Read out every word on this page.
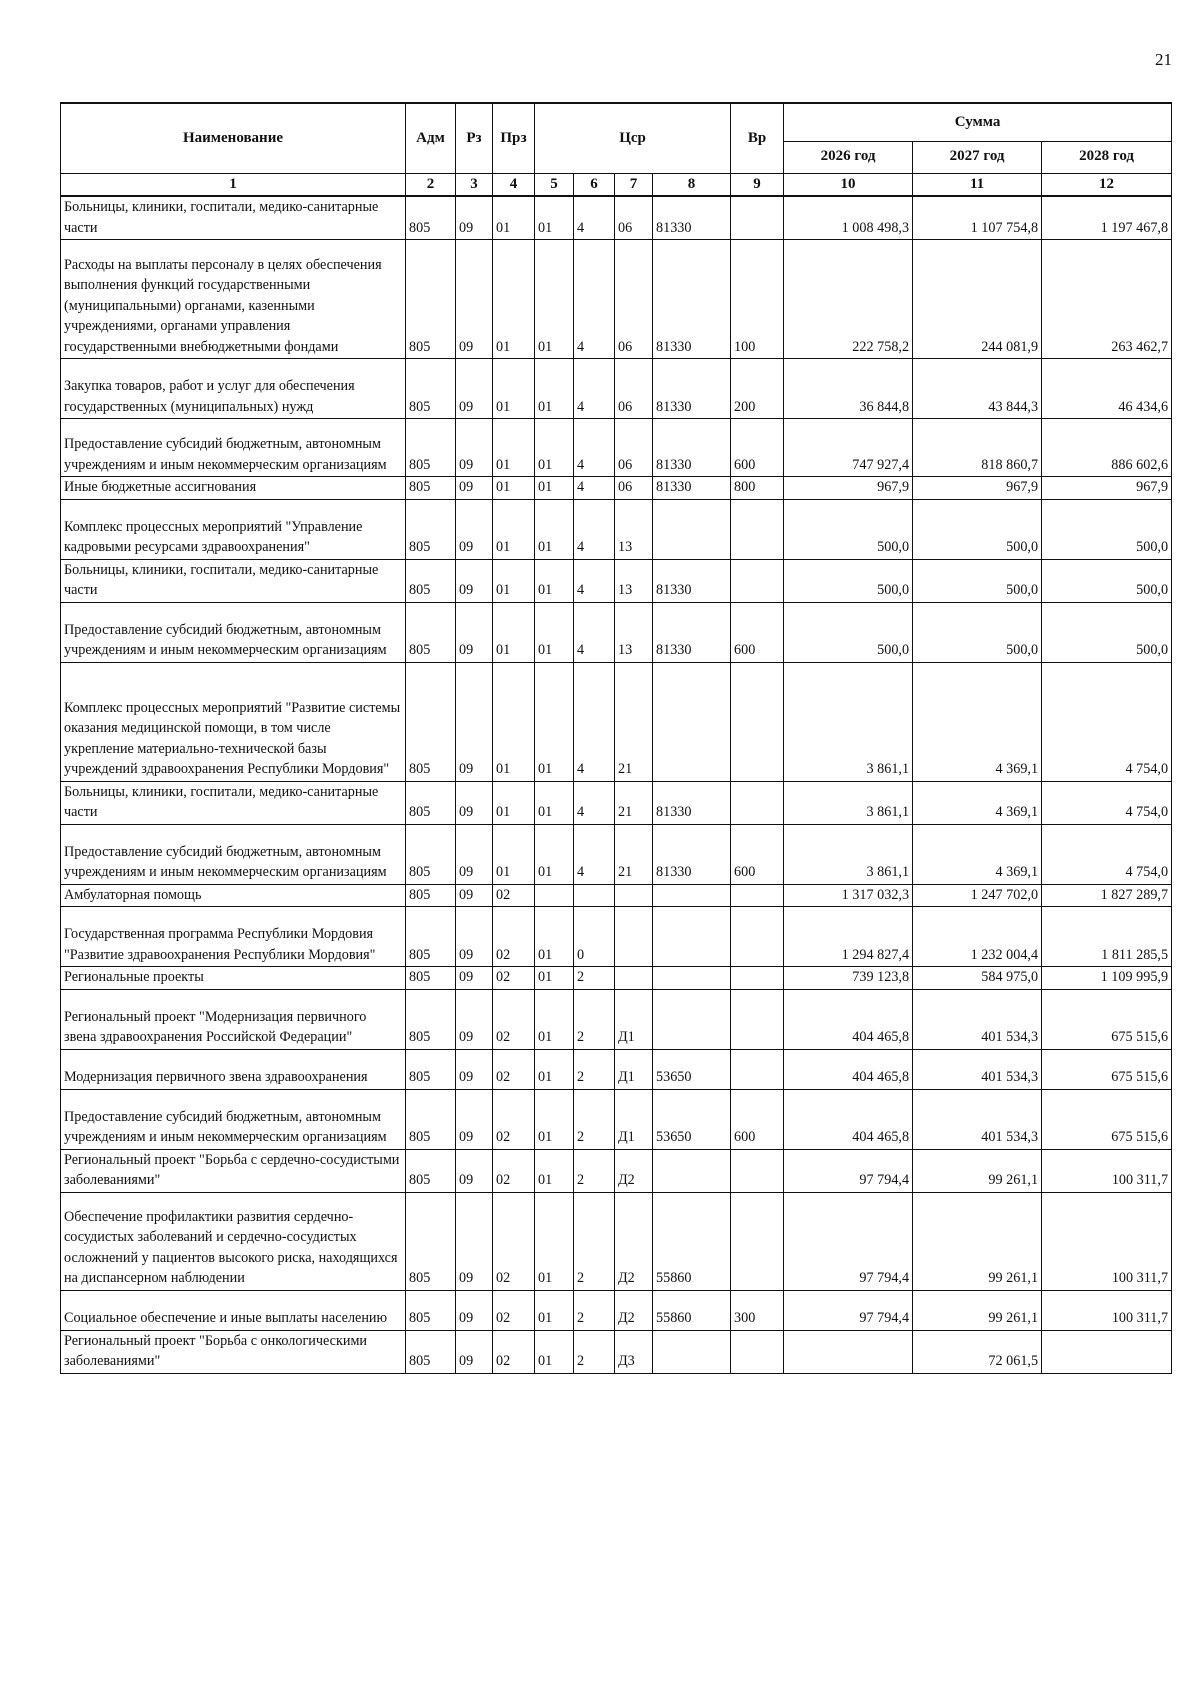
21
Наименование	Адм	Рз	Прз	Цср				Вр	Сумма		
									2026 год	2027 год	2028 год
1	2	3	4	5	6	7	8	9	10	11	12
Больницы, клиники, госпитали, медико-санитарные части	805	09	01	01	4	06	81330		1 008 498,3	1 107 754,8	1 197 467,8
Расходы на выплаты персоналу в целях обеспечения выполнения функций государственными (муниципальными) органами, казенными учреждениями, органами управления государственными внебюджетными фондами	805	09	01	01	4	06	81330	100	222 758,2	244 081,9	263 462,7
Закупка товаров, работ и услуг для обеспечения государственных (муниципальных) нужд	805	09	01	01	4	06	81330	200	36 844,8	43 844,3	46 434,6
Предоставление субсидий бюджетным, автономным учреждениям и иным некоммерческим организациям	805	09	01	01	4	06	81330	600	747 927,4	818 860,7	886 602,6
Иные бюджетные ассигнования	805	09	01	01	4	06	81330	800	967,9	967,9	967,9
Комплекс процессных мероприятий "Управление кадровыми ресурсами здравоохранения"	805	09	01	01	4	13			500,0	500,0	500,0
Больницы, клиники, госпитали, медико-санитарные части	805	09	01	01	4	13	81330		500,0	500,0	500,0
Предоставление субсидий бюджетным, автономным учреждениям и иным некоммерческим организациям	805	09	01	01	4	13	81330	600	500,0	500,0	500,0
Комплекс процессных мероприятий "Развитие системы оказания медицинской помощи, в том числе укрепление материально-технической базы учреждений здравоохранения Республики Мордовия"	805	09	01	01	4	21			3 861,1	4 369,1	4 754,0
Больницы, клиники, госпитали, медико-санитарные части	805	09	01	01	4	21	81330		3 861,1	4 369,1	4 754,0
Предоставление субсидий бюджетным, автономным учреждениям и иным некоммерческим организациям	805	09	01	01	4	21	81330	600	3 861,1	4 369,1	4 754,0
Амбулаторная помощь	805	09	02						1 317 032,3	1 247 702,0	1 827 289,7
Государственная программа Республики Мордовия "Развитие здравоохранения Республики Мордовия"	805	09	02	01	0				1 294 827,4	1 232 004,4	1 811 285,5
Региональные проекты	805	09	02	01	2				739 123,8	584 975,0	1 109 995,9
Региональный проект "Модернизация первичного звена здравоохранения Российской Федерации"	805	09	02	01	2	Д1			404 465,8	401 534,3	675 515,6
Модернизация первичного звена здравоохранения	805	09	02	01	2	Д1	53650		404 465,8	401 534,3	675 515,6
Предоставление субсидий бюджетным, автономным учреждениям и иным некоммерческим организациям	805	09	02	01	2	Д1	53650	600	404 465,8	401 534,3	675 515,6
Региональный проект "Борьба с сердечно-сосудистыми заболеваниями"	805	09	02	01	2	Д2			97 794,4	99 261,1	100 311,7
Обеспечение профилактики развития сердечно-сосудистых заболеваний и сердечно-сосудистых осложнений у пациентов высокого риска, находящихся на диспансерном наблюдении	805	09	02	01	2	Д2	55860		97 794,4	99 261,1	100 311,7
Социальное обеспечение и иные выплаты населению	805	09	02	01	2	Д2	55860	300	97 794,4	99 261,1	100 311,7
Региональный проект "Борьба с онкологическими заболеваниями"	805	09	02	01	2	Д3				72 061,5	
